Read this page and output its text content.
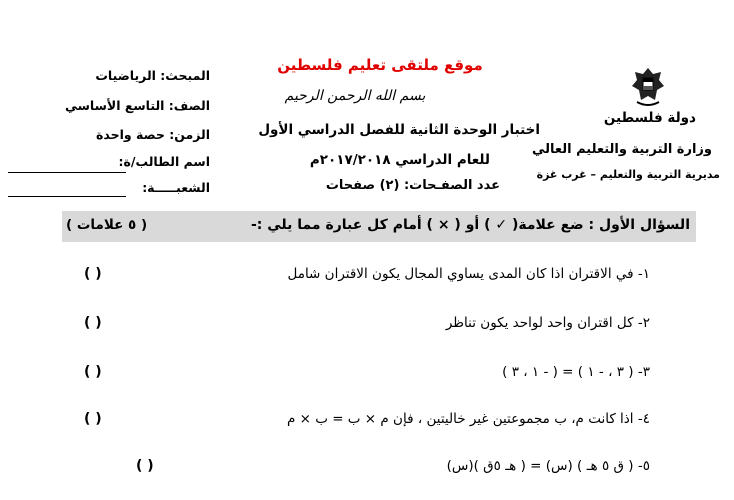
موقع ملتقى تعليم فلسطين
بسم الله الرحمن الرحيم
دولة فلسطين
وزارة التربية والتعليم العالي
مديرية التربية والتعليم – غرب غزة
اختبار الوحدة الثانية للفصل الدراسي الأول
للعام الدراسي ٢٠١٧/٢٠١٨م
عدد الصفـحات: (٢) صفحات
المبحث: الرياضيات
الصف: التاسع الأساسي
الزمن: حصة واحدة
اسم الطالب/ة:
الشعبـــــة:
السؤال الأول : ضع علامة( ✓ ) أو ( × ) أمام كل عبارة مما يلي :-
( ٥ علامات )
١- في الاقتران اذا كان المدى يساوي المجال يكون الاقتران شامل
( )
٢- كل اقتران واحد لواحد يكون تناظر
( )
٣- ( ٣ ، - ١ ) = ( - ١ ، ٣ )
( )
٤- اذا كانت م، ب مجموعتين غير خاليتين ، فإن م × ب = ب × م
( )
٥- ( ق ٥ هـ ) (س) = ( هـ ٥ق )(س)
( )
